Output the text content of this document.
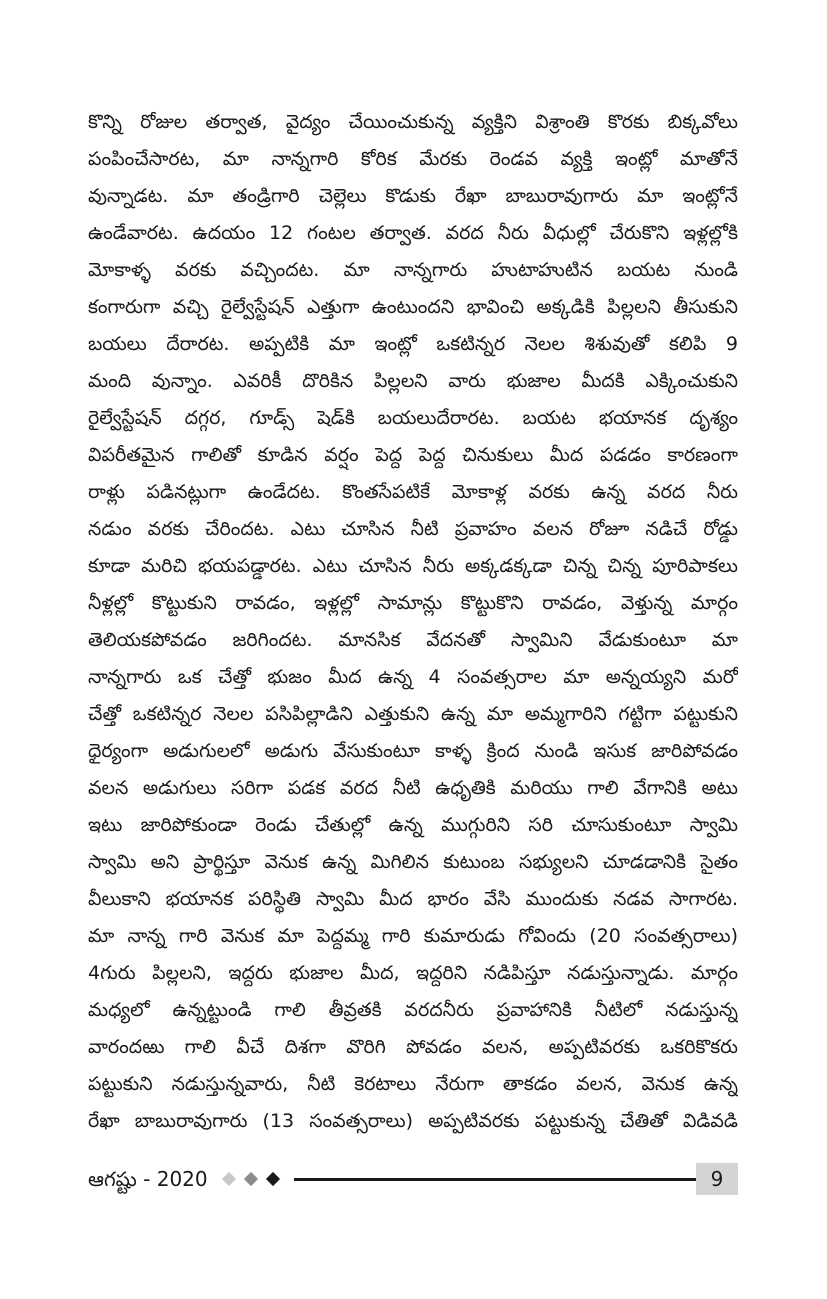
కొన్ని రోజుల తర్వాత, వైద్యం చేయించుకున్న వ్యక్తిని విశ్రాంతి కొరకు బిక్కవోలు
పంపించేసారట, మా నాన్నగారి కోరిక మేరకు రెండవ వ్యక్తి ఇంట్లో మాతోనే
వున్నాడట. మా తండ్రిగారి చెల్లెలు కొడుకు రేఖా బాబురావుగారు మా ఇంట్లోనే
ఉండేవారట. ఉదయం 12 గంటల తర్వాత. వరద నీరు వీధుల్లో చేరుకొని ఇళ్లల్లోకి
మోకాళ్ళ వరకు వచ్చిందట. మా నాన్నగారు హుటాహుటిన బయట నుండి
కంగారుగా వచ్చి రైల్వేస్టేషన్ ఎత్తుగా ఉంటుందని భావించి అక్కడికి పిల్లలని తీసుకుని
బయలు దేరారట. అప్పటికి మా ఇంట్లో ఒకటిన్నర నెలల శిశువుతో కలిపి 9
మంది వున్నాం. ఎవరికీ దొరికిన పిల్లలని వారు భుజాల మీదకి ఎక్కించుకుని
రైల్వేస్టేషన్ దగ్గర, గూడ్స్ షెడ్‌కి బయలుదేరారట. బయట భయానక దృశ్యం
విపరీతమైన గాలితో కూడిన వర్షం పెద్ద పెద్ద చినుకులు మీద పడడం కారణంగా
రాళ్లు పడినట్లుగా ఉండేదట. కొంతసేపటికే మోకాళ్ల వరకు ఉన్న వరద నీరు
నడుం వరకు చేరిందట. ఎటు చూసిన నీటి ప్రవాహం వలన రోజూ నడిచే రోడ్డు
కూడా మరిచి భయపడ్డారట. ఎటు చూసిన నీరు అక్కడక్కడా చిన్న చిన్న పూరిపాకలు
నీళ్లల్లో కొట్టుకుని రావడం, ఇళ్లల్లో సామాన్లు కొట్టుకొని రావడం, వెళ్తున్న మార్గం
తెలియకపోవడం జరిగిందట. మానసిక వేదనతో స్వామిని వేడుకుంటూ మా
నాన్నగారు ఒక చేత్తో భుజం మీద ఉన్న 4 సంవత్సరాల మా అన్నయ్యని మరో
చేత్తో ఒకటిన్నర నెలల పసిపిల్లాడిని ఎత్తుకుని ఉన్న మా అమ్మగారిని గట్టిగా పట్టుకుని
ధైర్యంగా అడుగులలో అడుగు వేసుకుంటూ కాళ్ళ క్రింద నుండి ఇసుక జారిపోవడం
వలన అడుగులు సరిగా పడక వరద నీటి ఉధృతికి మరియు గాలి వేగానికి అటు
ఇటు జారిపోకుండా రెండు చేతుల్లో ఉన్న ముగ్గురిని సరి చూసుకుంటూ స్వామి
స్వామి అని ప్రార్థిస్తూ వెనుక ఉన్న మిగిలిన కుటుంబ సభ్యులని చూడడానికి సైతం
వీలుకాని భయానక పరిస్థితి స్వామి మీద భారం వేసి ముందుకు నడవ సాగారట.
మా నాన్న గారి వెనుక మా పెద్దమ్మ గారి కుమారుడు గోవిందు (20 సంవత్సరాలు)
4గురు పిల్లలని, ఇద్దరు భుజాల మీద, ఇద్దరిని నడిపిస్తూ నడుస్తున్నాడు. మార్గం
మధ్యలో ఉన్నట్టుండి గాలి తీవ్రతకి వరదనీరు ప్రవాహానికి నీటిలో నడుస్తున్న
వారందఱు గాలి వీచే దిశగా వొరిగి పోవడం వలన, అప్పటివరకు ఒకరికొకరు
పట్టుకుని నడుస్తున్నవారు, నీటి కెరటాలు నేరుగా తాకడం వలన, వెనుక ఉన్న
రేఖా బాబురావుగారు (13 సంవత్సరాలు) అప్పటివరకు పట్టుకున్న చేతితో విడివడి
ఆగష్టు - 2020	9
